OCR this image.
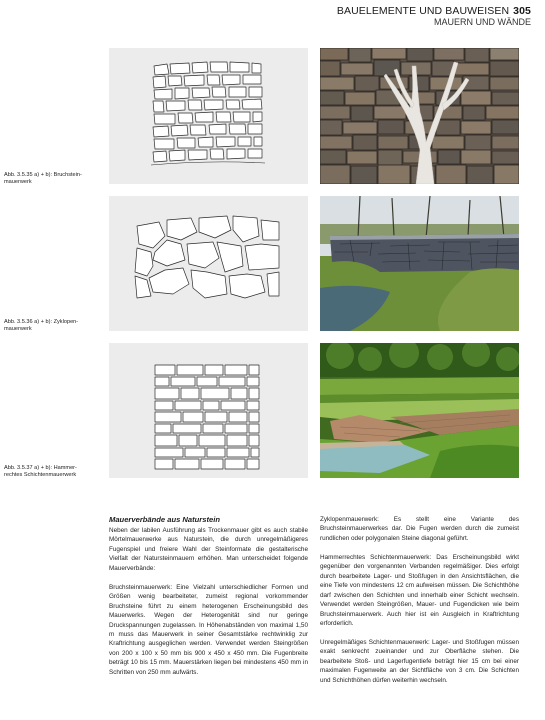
BAUELEMENTE UND BAUWEISEN 305
MAUERN UND WÄNDE
Abb. 3.5.35 a) + b): Bruchstein-
mauerwerk
Abb. 3.5.36 a) + b): Zyklopen-
mauerwerk
Abb. 3.5.37 a) + b): Hammer-
rechtes Schichtenmauerwerk
Mauerverbände aus Naturstein

Neben der labilen Ausführung als Trockenmauer gibt es auch stabile Mörtelmauerwerke aus Naturstein, die durch unregelmäßigeres Fugenspiel und freiere Wahl der Steinformate die gestalterische Vielfalt der Natursteinmauern erhöhen. Man unterscheidet folgende Mauerverbände:

Bruchsteinmauerwerk: Eine Vielzahl unterschiedlicher Formen und Größen wenig bearbeiteter, zumeist regional vorkommender Bruchsteine führt zu einem heterogenen Erscheinungsbild des Mauerwerks. Wegen der Heterogenität sind nur geringe Druckspannungen zugelassen. In Höhenabständen von maximal 1,50 m muss das Mauerwerk in seiner Gesamtstärke rechtwinklig zur Kraftrichtung ausgeglichen werden. Verwendet werden Steingrößen von 200 x 100 x 50 mm bis 900 x 450 x 450 mm. Die Fugenbreite beträgt 10 bis 15 mm. Mauerstärken liegen bei mindestens 450 mm in Schritten von 250 mm aufwärts.

Zyklopenmauerwerk: Es stellt eine Variante des Bruchsteinmauerwerkes dar. Die Fugen werden durch die zumeist rundlichen oder polygonalen Steine diagonal geführt.

Hammerrechtes Schichtenmauerwerk: Das Erscheinungsbild wirkt gegenüber den vorgenannten Verbanden regelmäßiger. Dies erfolgt durch bearbeitete Lager- und Stoßfugen in den Ansichtsflächen, die eine Tiefe von mindestens 12 cm aufweisen müssen. Die Schichthöhe darf zwischen den Schichten und innerhalb einer Schicht wechseln. Verwendet werden Steingrößen, Mauer- und Fugendicken wie beim Bruchsteinmauerwerk. Auch hier ist ein Ausgleich in Kraftrichtung erforderlich.

Unregelmäßiges Schichtenmauerwerk: Lager- und Stoßfugen müssen exakt senkrecht zueinander und zur Oberfläche stehen. Die bearbeitete Stoß- und Lagerfugentiefe beträgt hier 15 cm bei einer maximalen Fugenweite an der Sichtfläche von 3 cm. Die Schichten und Schichthöhen dürfen weiterhin wechseln.
